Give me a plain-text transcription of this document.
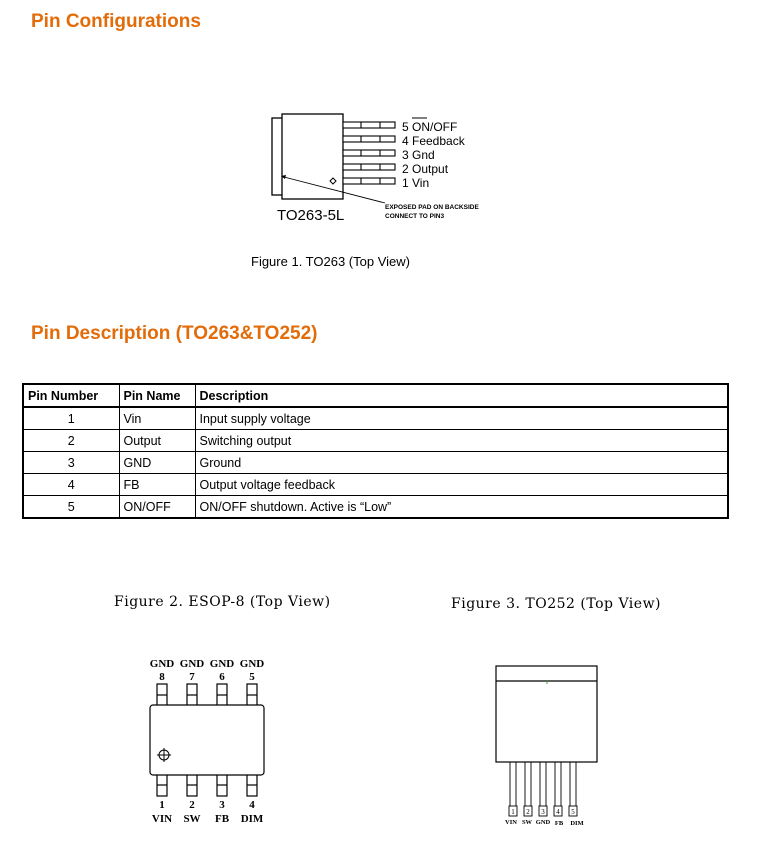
Pin Configurations
5 ON/OFF
4 Feedback
3 Gnd
2 Output
1 Vin
TO263-5L	EXPOSED PAD ON BACKSIDE
CONNECT TO PIN3
Figure 1. TO263 (Top View)
Pin Description (TO263&TO252)
Pin Number	Pin Name	Description
1	Vin	Input supply voltage
2	Output	Switching output
3	GND	Ground
4	FB	Output voltage feedback
5	ON/OFF	ON/OFF shutdown. Active is “Low”
Figure 2. ESOP-8 (Top View)	Figure 3. TO252 (Top View)
GND GND GND GND
8 7 6 5
1 2 3 4
VIN SW FB DIM
1 2 3 4 5
VIN SW GND FB DIM
